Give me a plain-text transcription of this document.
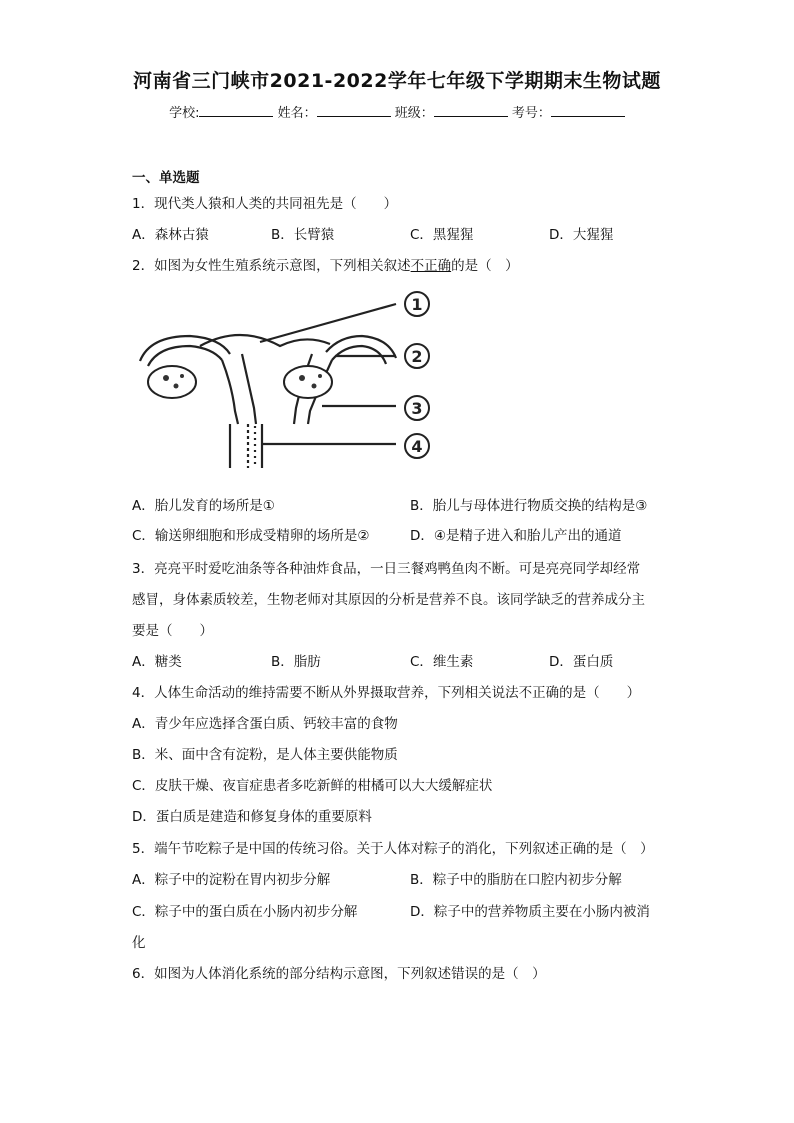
河南省三门峡市2021-2022学年七年级下学期期末生物试题
学校:	姓名：	班级：	考号：
一、单选题
1．现代类人猿和人类的共同祖先是（　　）
A．森林古猿	B．长臂猿	C．黑猩猩	D．大猩猩
2．如图为女性生殖系统示意图，下列相关叙述不正确的是（　）
1
2
3
4
A．胎儿发育的场所是①	B．胎儿与母体进行物质交换的结构是③
C．输送卵细胞和形成受精卵的场所是②	D．④是精子进入和胎儿产出的通道
3．亮亮平时爱吃油条等各种油炸食品，一日三餐鸡鸭鱼肉不断。可是亮亮同学却经常
感冒，身体素质较差，生物老师对其原因的分析是营养不良。该同学缺乏的营养成分主
要是（　　）
A．糖类	B．脂肪	C．维生素	D．蛋白质
4．人体生命活动的维持需要不断从外界摄取营养，下列相关说法不正确的是（　　）
A．青少年应选择含蛋白质、钙较丰富的食物
B．米、面中含有淀粉，是人体主要供能物质
C．皮肤干燥、夜盲症患者多吃新鲜的柑橘可以大大缓解症状
D．蛋白质是建造和修复身体的重要原料
5．端午节吃粽子是中国的传统习俗。关于人体对粽子的消化，下列叙述正确的是（　）
A．粽子中的淀粉在胃内初步分解	B．粽子中的脂肪在口腔内初步分解
C．粽子中的蛋白质在小肠内初步分解	D．粽子中的营养物质主要在小肠内被消
化
6．如图为人体消化系统的部分结构示意图，下列叙述错误的是（　）
